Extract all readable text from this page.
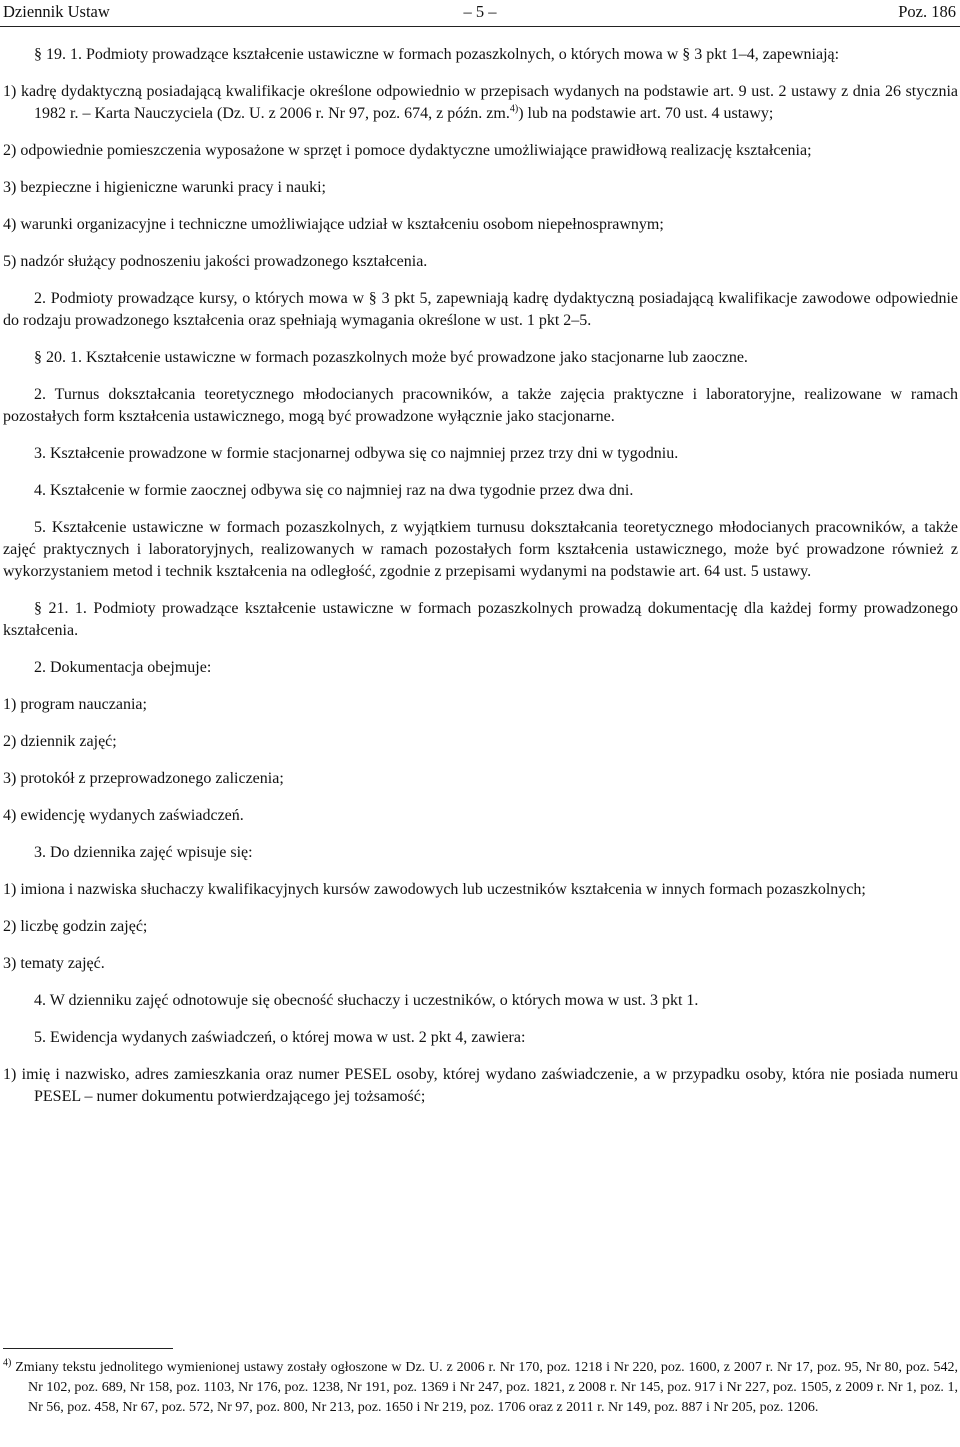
Dziennik Ustaw	– 5 –	Poz. 186

§ 19. 1. Podmioty prowadzące kształcenie ustawiczne w formach pozaszkolnych, o których mowa w § 3 pkt 1–4, zapewniają:

1) kadrę dydaktyczną posiadającą kwalifikacje określone odpowiednio w przepisach wydanych na podstawie art. 9 ust. 2 ustawy z dnia 26 stycznia 1982 r. – Karta Nauczyciela (Dz. U. z 2006 r. Nr 97, poz. 674, z późn. zm.$^{4)}$) lub na podstawie art. 70 ust. 4 ustawy;

2) odpowiednie pomieszczenia wyposażone w sprzęt i pomoce dydaktyczne umożliwiające prawidłową realizację kształcenia;

3) bezpieczne i higieniczne warunki pracy i nauki;

4) warunki organizacyjne i techniczne umożliwiające udział w kształceniu osobom niepełnosprawnym;

5) nadzór służący podnoszeniu jakości prowadzonego kształcenia.

2. Podmioty prowadzące kursy, o których mowa w § 3 pkt 5, zapewniają kadrę dydaktyczną posiadającą kwalifikacje zawodowe odpowiednie do rodzaju prowadzonego kształcenia oraz spełniają wymagania określone w ust. 1 pkt 2–5.

§ 20. 1. Kształcenie ustawiczne w formach pozaszkolnych może być prowadzone jako stacjonarne lub zaoczne.

2. Turnus dokształcania teoretycznego młodocianych pracowników, a także zajęcia praktyczne i laboratoryjne, realizowane w ramach pozostałych form kształcenia ustawicznego, mogą być prowadzone wyłącznie jako stacjonarne.

3. Kształcenie prowadzone w formie stacjonarnej odbywa się co najmniej przez trzy dni w tygodniu.

4. Kształcenie w formie zaocznej odbywa się co najmniej raz na dwa tygodnie przez dwa dni.

5. Kształcenie ustawiczne w formach pozaszkolnych, z wyjątkiem turnusu dokształcania teoretycznego młodocianych pracowników, a także zajęć praktycznych i laboratoryjnych, realizowanych w ramach pozostałych form kształcenia ustawicznego, może być prowadzone również z wykorzystaniem metod i technik kształcenia na odległość, zgodnie z przepisami wydanymi na podstawie art. 64 ust. 5 ustawy.

§ 21. 1. Podmioty prowadzące kształcenie ustawiczne w formach pozaszkolnych prowadzą dokumentację dla każdej formy prowadzonego kształcenia.

2. Dokumentacja obejmuje:

1) program nauczania;

2) dziennik zajęć;

3) protokół z przeprowadzonego zaliczenia;

4) ewidencję wydanych zaświadczeń.

3. Do dziennika zajęć wpisuje się:

1) imiona i nazwiska słuchaczy kwalifikacyjnych kursów zawodowych lub uczestników kształcenia w innych formach pozaszkolnych;

2) liczbę godzin zajęć;

3) tematy zajęć.

4. W dzienniku zajęć odnotowuje się obecność słuchaczy i uczestników, o których mowa w ust. 3 pkt 1.

5. Ewidencja wydanych zaświadczeń, o której mowa w ust. 2 pkt 4, zawiera:

1) imię i nazwisko, adres zamieszkania oraz numer PESEL osoby, której wydano zaświadczenie, a w przypadku osoby, która nie posiada numeru PESEL – numer dokumentu potwierdzającego jej tożsamość;

$^{4)}$ Zmiany tekstu jednolitego wymienionej ustawy zostały ogłoszone w Dz. U. z 2006 r. Nr 170, poz. 1218 i Nr 220, poz. 1600, z 2007 r. Nr 17, poz. 95, Nr 80, poz. 542, Nr 102, poz. 689, Nr 158, poz. 1103, Nr 176, poz. 1238, Nr 191, poz. 1369 i Nr 247, poz. 1821, z 2008 r. Nr 145, poz. 917 i Nr 227, poz. 1505, z 2009 r. Nr 1, poz. 1, Nr 56, poz. 458, Nr 67, poz. 572, Nr 97, poz. 800, Nr 213, poz. 1650 i Nr 219, poz. 1706 oraz z 2011 r. Nr 149, poz. 887 i Nr 205, poz. 1206.
